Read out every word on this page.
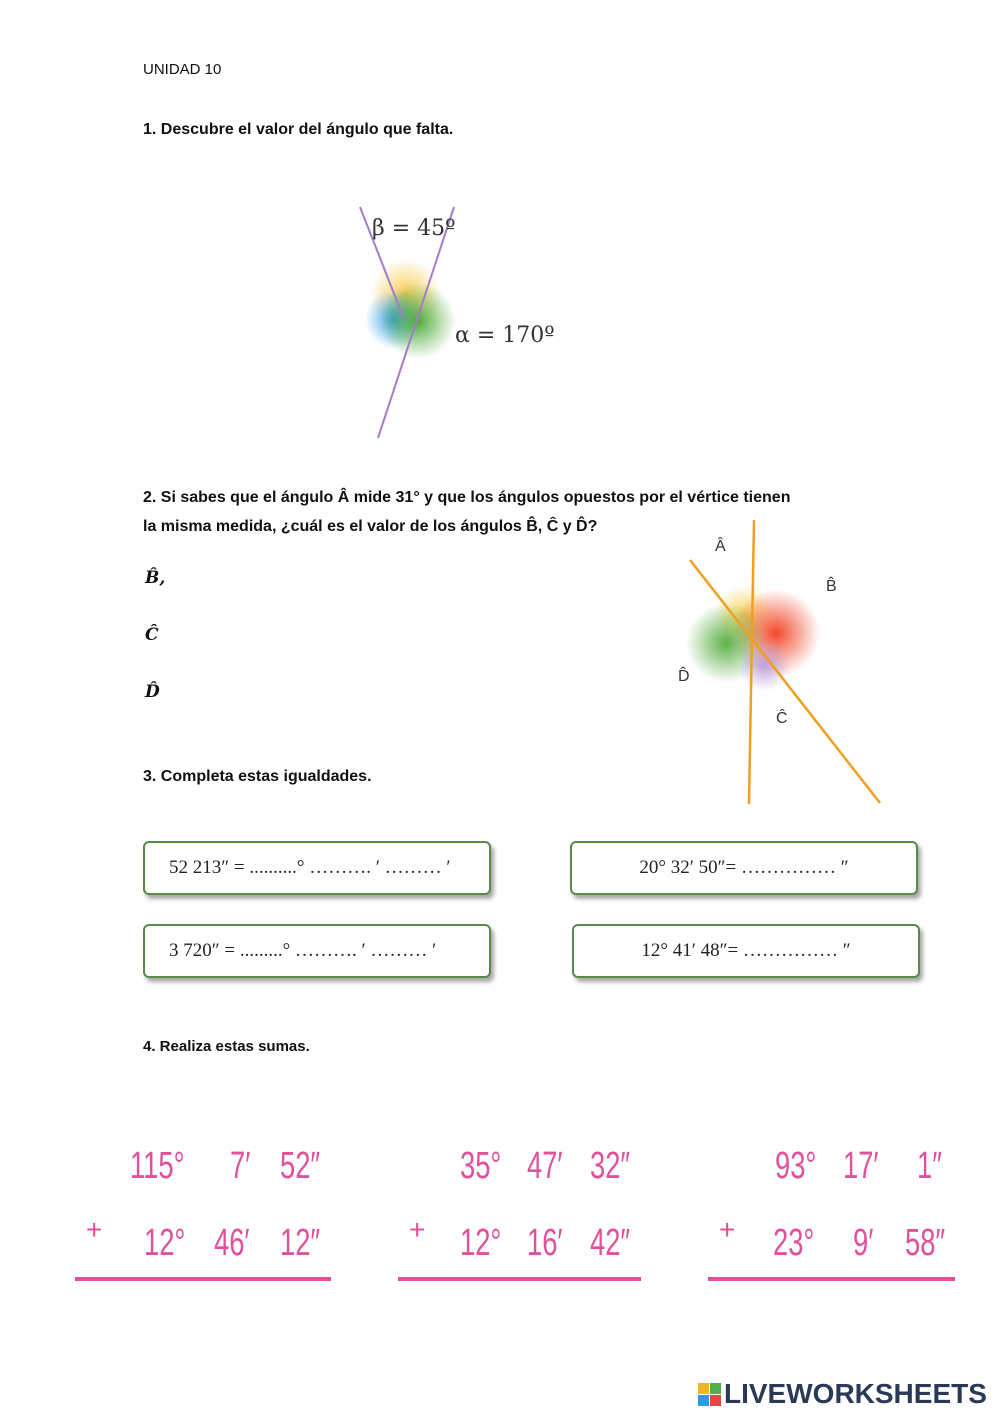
UNIDAD 10
1. Descubre el valor del ángulo que falta.
β = 45º
α = 170º
2. Si sabes que el ángulo Â mide 31° y que los ángulos opuestos por el vértice tienen
la misma medida, ¿cuál es el valor de los ángulos B̂, Ĉ y D̂?
B̂,
Ĉ
D̂
Â
B̂
D̂
Ĉ
3. Completa estas igualdades.
52 213″ = ..........° ………. ′ ……… ′	20° 32′ 50″= …………… ″
3 720″ = .........° ………. ′ ……… ′	12° 41′ 48″= …………… ″
4. Realiza estas sumas.
115° 7′ 52″
+ 12° 46′ 12″
35° 47′ 32″
+ 12° 16′ 42″
93° 17′ 1″
+ 23° 9′ 58″
LIVEWORKSHEETS
